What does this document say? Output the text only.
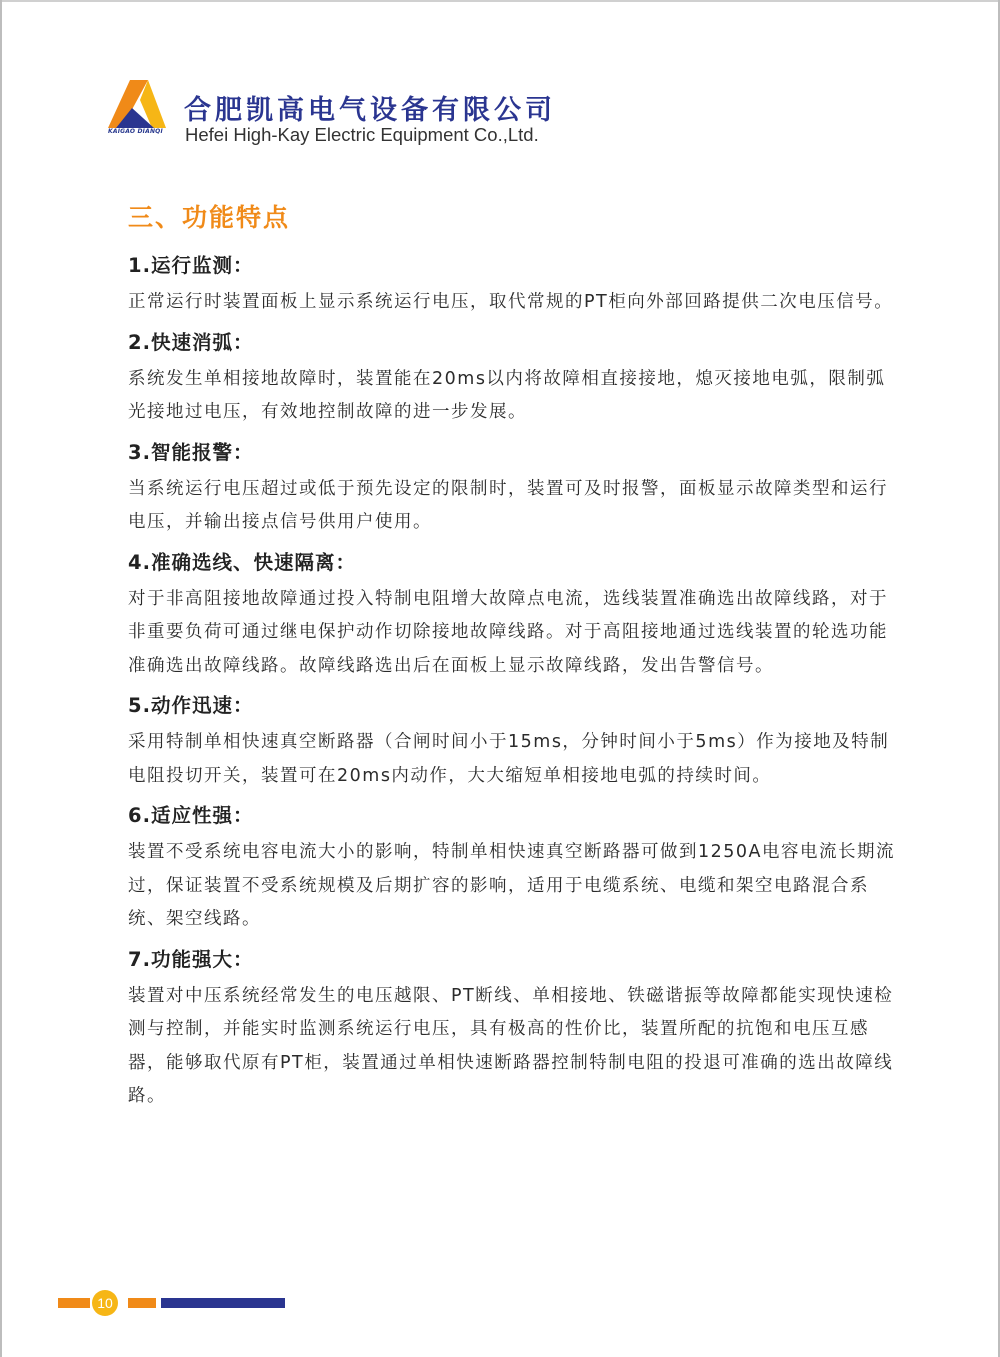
KAIGAO DIANQI
合肥凯高电气设备有限公司
Hefei High-Kay Electric Equipment Co.,Ltd.
三、功能特点
1.运行监测：
正常运行时装置面板上显示系统运行电压，取代常规的PT柜向外部回路提供二次电压信号。
2.快速消弧：
系统发生单相接地故障时，装置能在20ms以内将故障相直接接地，熄灭接地电弧，限制弧光接地过电压，有效地控制故障的进一步发展。
3.智能报警：
当系统运行电压超过或低于预先设定的限制时，装置可及时报警，面板显示故障类型和运行电压，并输出接点信号供用户使用。
4.准确选线、快速隔离：
对于非高阻接地故障通过投入特制电阻增大故障点电流，选线装置准确选出故障线路，对于非重要负荷可通过继电保护动作切除接地故障线路。对于高阻接地通过选线装置的轮选功能准确选出故障线路。故障线路选出后在面板上显示故障线路，发出告警信号。
5.动作迅速：
采用特制单相快速真空断路器（合闸时间小于15ms，分钟时间小于5ms）作为接地及特制电阻投切开关，装置可在20ms内动作，大大缩短单相接地电弧的持续时间。
6.适应性强：
装置不受系统电容电流大小的影响，特制单相快速真空断路器可做到1250A电容电流长期流过，保证装置不受系统规模及后期扩容的影响，适用于电缆系统、电缆和架空电路混合系统、架空线路。
7.功能强大：
装置对中压系统经常发生的电压越限、PT断线、单相接地、铁磁谐振等故障都能实现快速检测与控制，并能实时监测系统运行电压，具有极高的性价比，装置所配的抗饱和电压互感器，能够取代原有PT柜，装置通过单相快速断路器控制特制电阻的投退可准确的选出故障线路。
10
